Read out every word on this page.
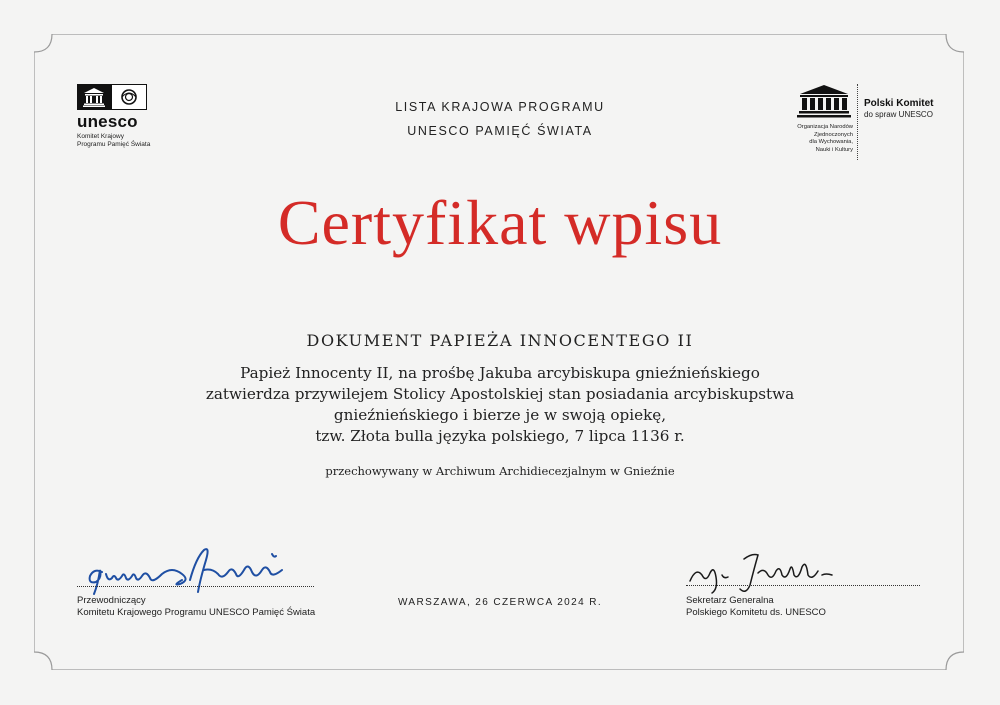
unesco
Komitet Krajowy
Programu Pamięć Świata
LISTA KRAJOWA PROGRAMU
UNESCO PAMIĘĆ ŚWIATA	Organizacja Narodów
Zjednoczonych
dla Wychowania,
Nauki i Kultury
Polski Komitet
do spraw UNESCO
Certyfikat wpisu
DOKUMENT PAPIEŻA INNOCENTEGO II
Papież Innocenty II, na prośbę Jakuba arcybiskupa gnieźnieńskiego
zatwierdza przywilejem Stolicy Apostolskiej stan posiadania arcybiskupstwa
gnieźnieńskiego i bierze je w swoją opiekę,
tzw. Złota bulla języka polskiego, 7 lipca 1136 r.
przechowywany w Archiwum Archidiecezjalnym w Gnieźnie
Przewodniczący
Komitetu Krajowego Programu UNESCO Pamięć Świata
WARSZAWA, 26 CZERWCA 2024 R.	Sekretarz Generalna
Polskiego Komitetu ds. UNESCO
